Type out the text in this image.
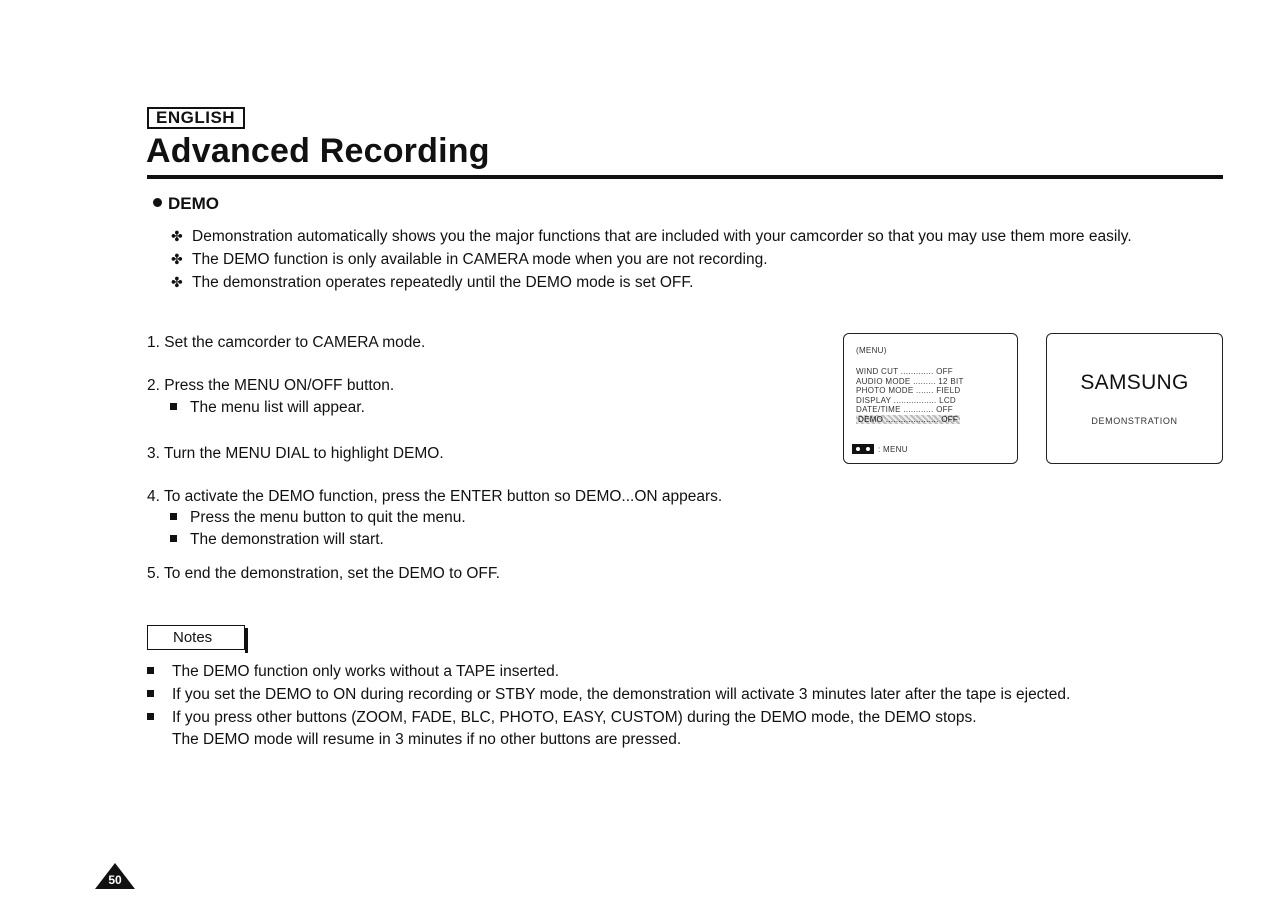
ENGLISH
Advanced Recording
DEMO
✤ Demonstration automatically shows you the major functions that are included with your camcorder so that you may use them more easily.
✤ The DEMO function is only available in CAMERA mode when you are not recording.
✤ The demonstration operates repeatedly until the DEMO mode is set OFF.
1. Set the camcorder to CAMERA mode.
2. Press the MENU ON/OFF button.
The menu list will appear.
3. Turn the MENU DIAL to highlight DEMO.
4. To activate the DEMO function, press the ENTER button so DEMO...ON appears.
Press the menu button to quit the menu.
The demonstration will start.
5. To end the demonstration, set the DEMO to OFF.
(MENU)
WIND CUT ............. OFF
AUDIO MODE ......... 12 BIT
PHOTO MODE ....... FIELD
DISPLAY ................. LCD
DATE/TIME ............ OFF
DEMO ..................... OFF
: MENU
SAMSUNG
DEMONSTRATION
Notes
The DEMO function only works without a TAPE inserted.
If you set the DEMO to ON during recording or STBY mode, the demonstration will activate 3 minutes later after the tape is ejected.
If you press other buttons (ZOOM, FADE, BLC, PHOTO, EASY, CUSTOM) during the DEMO mode, the DEMO stops.
The DEMO mode will resume in 3 minutes if no other buttons are pressed.
50
